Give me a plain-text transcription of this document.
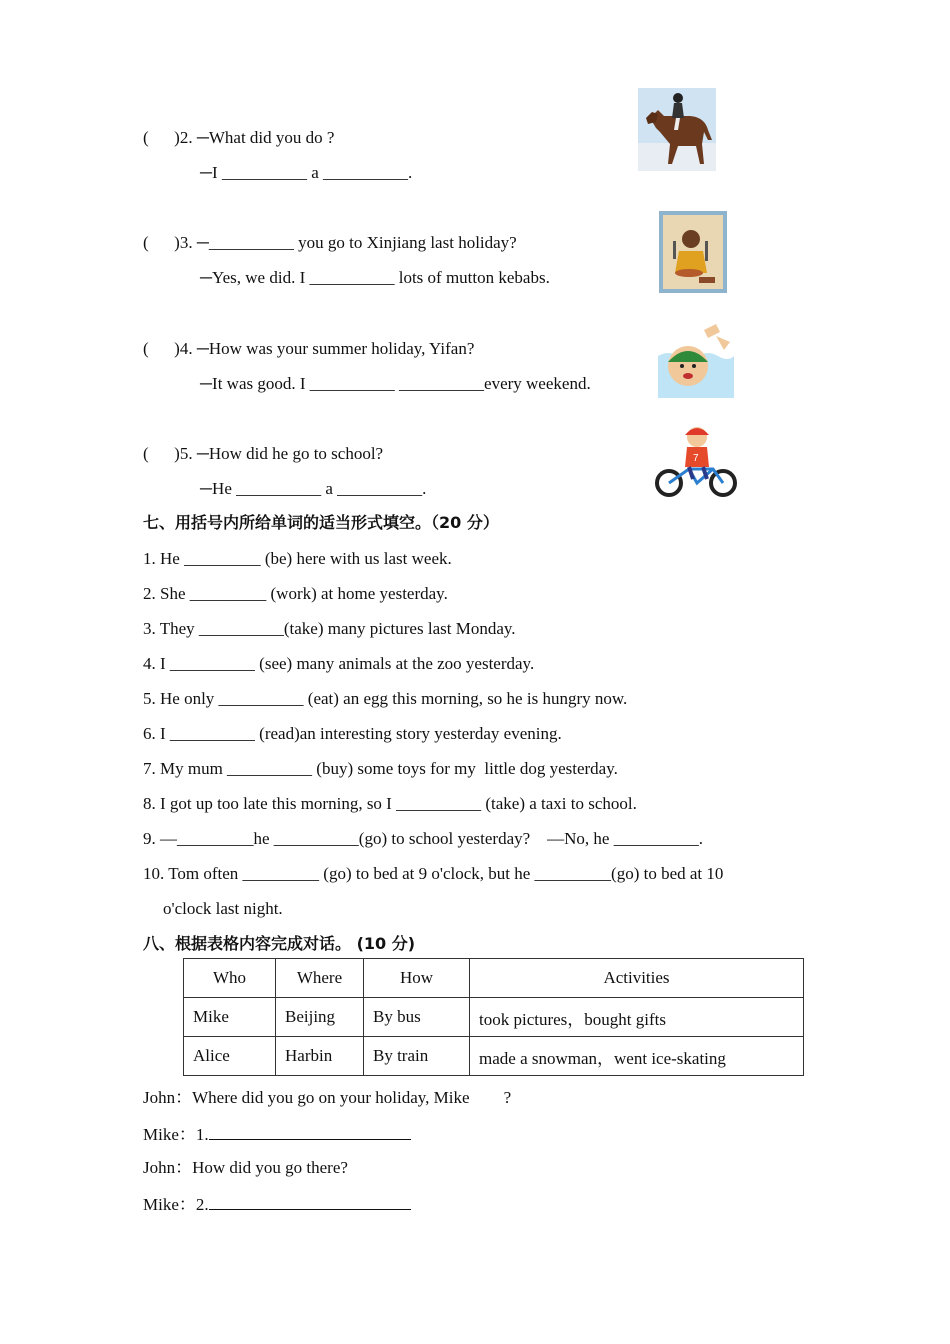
(      )2. ─What did you do ?
─I __________ a __________.
(      )3. ─__________ you go to Xinjiang last holiday?
─Yes, we did. I __________ lots of mutton kebabs.
(      )4. ─How was your summer holiday, Yifan?
─It was good. I __________ __________every weekend.
(      )5. ─How did he go to school?
─He __________ a __________.
7
七、用括号内所给单词的适当形式填空。（20 分）
1. He _________ (be) here with us last week.
2. She _________ (work) at home yesterday.
3. They __________(take) many pictures last Monday.
4. I __________ (see) many animals at the zoo yesterday.
5. He only __________ (eat) an egg this morning, so he is hungry now.
6. I __________ (read)an interesting story yesterday evening.
7. My mum __________ (buy) some toys for my  little dog yesterday.
8. I got up too late this morning, so I __________ (take) a taxi to school.
9. —_________he __________(go) to school yesterday?    —No, he __________.
10. Tom often _________ (go) to bed at 9 o'clock, but he _________(go) to bed at 10
o'clock last night.
八、根据表格内容完成对话。 (10 分)
Who	Where	How	Activities
Mike	Beijing	By bus	took pictures，bought gifts
Alice	Harbin	By train	made a snowman，went ice-skating
John：Where did you go on your holiday, Mike        ?
Mike：1.
John：How did you go there?
Mike：2.
